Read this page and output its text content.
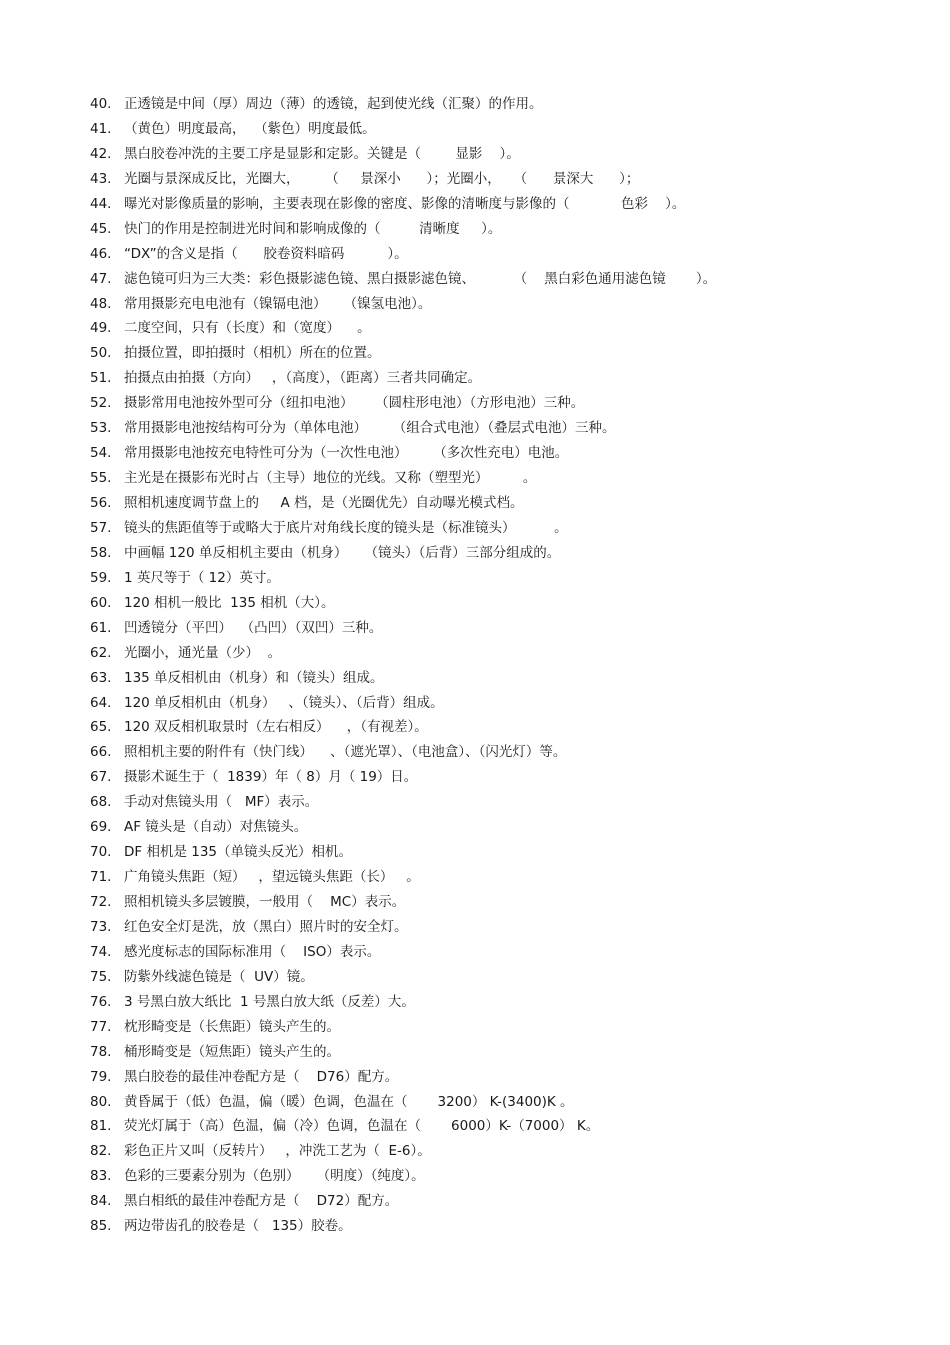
40. 正透镜是中间（厚）周边（薄）的透镜，起到使光线（汇聚）的作用。
41. （黄色）明度最高，  （紫色）明度最低。
42. 黑白胶卷冲洗的主要工序是显影和定影。关键是（        显影    ）。
43. 光圈与景深成反比，光圈大，      （     景深小      ）；光圈小，   （      景深大      ）；
44. 曝光对影像质量的影响，主要表现在影像的密度、影像的清晰度与影像的（            色彩    ）。
45. 快门的作用是控制进光时间和影响成像的（         清晰度     ）。
46. “DX”的含义是指（      胶卷资料暗码          ）。
47. 滤色镜可归为三大类：彩色摄影滤色镜、黑白摄影滤色镜、         （    黑白彩色通用滤色镜       ）。
48. 常用摄影充电电池有（镍镉电池）    （镍氢电池）。
49. 二度空间，只有（长度）和（宽度）    。
50. 拍摄位置，即拍摄时（相机）所在的位置。
51. 拍摄点由拍摄（方向）   ，（高度），（距离）三者共同确定。
52. 摄影常用电池按外型可分（纽扣电池）     （圆柱形电池）（方形电池）三种。
53. 常用摄影电池按结构可分为（单体电池）      （组合式电池）（叠层式电池）三种。
54. 常用摄影电池按充电特性可分为（一次性电池）      （多次性充电）电池。
55. 主光是在摄影布光时占（主导）地位的光线。又称（塑型光）        。
56. 照相机速度调节盘上的     A 档，是（光圈优先）自动曝光模式档。
57. 镜头的焦距值等于或略大于底片对角线长度的镜头是（标准镜头）         。
58. 中画幅 120 单反相机主要由（机身）    （镜头）（后背）三部分组成的。
59. 1 英尺等于（ 12）英寸。
60. 120 相机一般比  135 相机（大）。
61. 凹透镜分（平凹）  （凸凹）（双凹）三种。
62. 光圈小，通光量（少）  。
63. 135 单反相机由（机身）和（镜头）组成。
64. 120 单反相机由（机身）   、（镜头）、（后背）组成。
65. 120 双反相机取景时（左右相反）    ，（有视差）。
66. 照相机主要的附件有（快门线）    、（遮光罩）、（电池盒）、（闪光灯）等。
67. 摄影术诞生于（  1839）年（ 8）月（ 19）日。
68. 手动对焦镜头用（   MF）表示。
69. AF 镜头是（自动）对焦镜头。
70. DF 相机是 135（单镜头反光）相机。
71. 广角镜头焦距（短）   ，望远镜头焦距（长）   。
72. 照相机镜头多层镀膜，一般用（    MC）表示。
73. 红色安全灯是洗，放（黑白）照片时的安全灯。
74. 感光度标志的国际标准用（    ISO）表示。
75. 防紫外线滤色镜是（  UV）镜。
76. 3 号黑白放大纸比  1 号黑白放大纸（反差）大。
77. 枕形畸变是（长焦距）镜头产生的。
78. 桶形畸变是（短焦距）镜头产生的。
79. 黑白胶卷的最佳冲卷配方是（    D76）配方。
80. 黄昏属于（低）色温，偏（暖）色调，色温在（       3200） K-(3400)K 。
81. 荧光灯属于（高）色温，偏（冷）色调，色温在（       6000）K-（7000） K。
82. 彩色正片又叫（反转片）   ，冲洗工艺为（  E-6）。
83. 色彩的三要素分别为（色别）    （明度）（纯度）。
84. 黑白相纸的最佳冲卷配方是（    D72）配方。
85. 两边带齿孔的胶卷是（   135）胶卷。
